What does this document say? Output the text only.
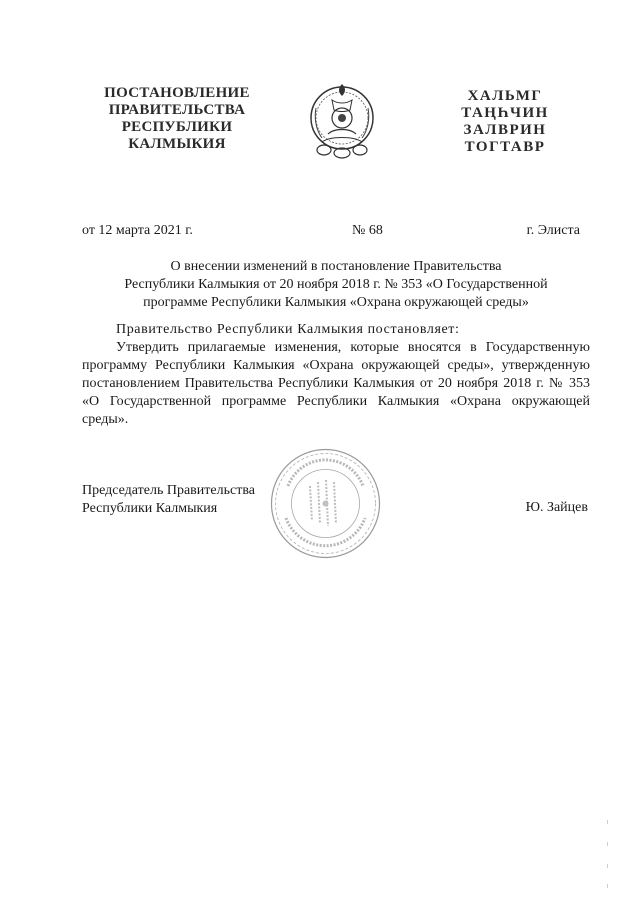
ПОСТАНОВЛЕНИЕ
ПРАВИТЕЛЬСТВА
РЕСПУБЛИКИ
КАЛМЫКИЯ
ХАЛЬМГ
ТАҢҺЧИН
ЗАЛВРИН
ТОГТАВР
от 12 марта 2021 г.	№ 68	г. Элиста
О внесении изменений в постановление Правительства
Республики Калмыкия от 20 ноября 2018 г. № 353 «О Государственной
программе Республики Калмыкия «Охрана окружающей среды»
Правительство Республики Калмыкия постановляет:
Утвердить прилагаемые изменения, которые вносятся в Государственную программу Республики Калмыкия «Охрана окружающей среды», утвержденную постановлением Правительства Республики Калмыкия от 20 ноября 2018 г. № 353 «О Государственной программе Республики Калмыкия «Охрана окружающей среды».
Председатель Правительства
Республики Калмыкия	Ю. Зайцев
